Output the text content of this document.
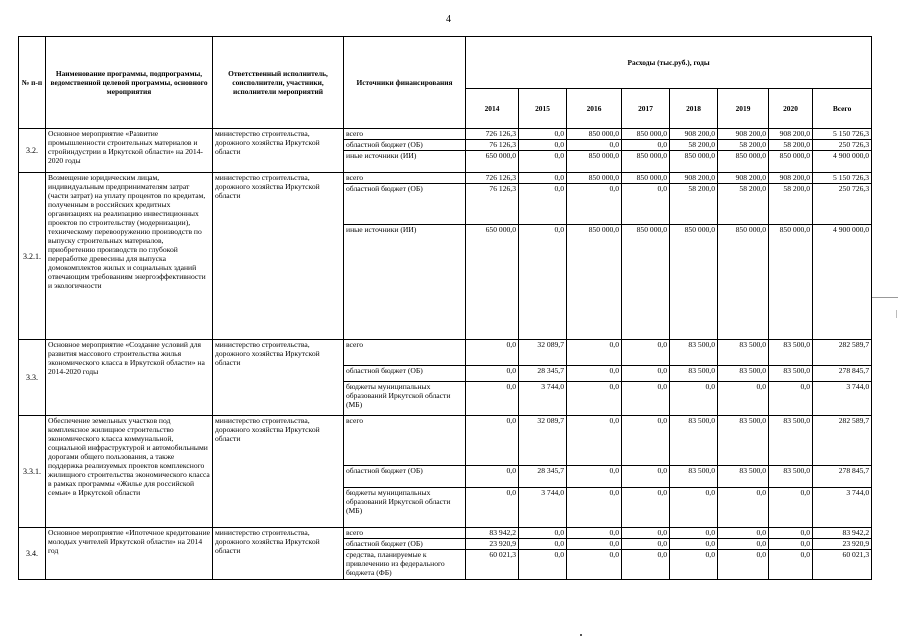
4
№ п-п	Наименование программы, подпрограммы, ведомственной целевой программы, основного мероприятия	Ответственный исполнитель, соисполнители, участники, исполнители мероприятий	Источники финансирования	Расходы (тыс.руб.), годы							
				2014	2015	2016	2017	2018	2019	2020	Всего
3.2.	Основное мероприятие «Развитие промышленности строительных материалов и стройиндустрии в Иркутской области» на 2014-2020 годы	министерство строительства, дорожного хозяйства Иркутской области	всего	726 126,3	0,0	850 000,0	850 000,0	908 200,0	908 200,0	908 200,0	5 150 726,3
			областной бюджет (ОБ)	76 126,3	0,0	0,0	0,0	58 200,0	58 200,0	58 200,0	250 726,3
			иные источники (ИИ)	650 000,0	0,0	850 000,0	850 000,0	850 000,0	850 000,0	850 000,0	4 900 000,0
3.2.1.	Возмещение юридическим лицам, индивидуальным предпринимателям затрат (части затрат) на уплату процентов по кредитам, полученным в российских кредитных организациях на реализацию инвестиционных проектов по строительству (модернизации), техническому перевооружению производств по выпуску строительных материалов, приобретению производств по глубокой переработке древесины для выпуска домокомплектов жилых и социальных зданий отвечающим требованиям энергоэффективности и экологичности	министерство строительства, дорожного хозяйства Иркутской области	всего	726 126,3	0,0	850 000,0	850 000,0	908 200,0	908 200,0	908 200,0	5 150 726,3
			областной бюджет (ОБ)	76 126,3	0,0	0,0	0,0	58 200,0	58 200,0	58 200,0	250 726,3
			иные источники (ИИ)	650 000,0	0,0	850 000,0	850 000,0	850 000,0	850 000,0	850 000,0	4 900 000,0
3.3.	Основное мероприятие «Создание условий для развития массового строительства жилья экономического класса в Иркутской области» на 2014-2020 годы	министерство строительства, дорожного хозяйства Иркутской области	всего	0,0	32 089,7	0,0	0,0	83 500,0	83 500,0	83 500,0	282 589,7
			областной бюджет (ОБ)	0,0	28 345,7	0,0	0,0	83 500,0	83 500,0	83 500,0	278 845,7
			бюджеты муниципальных образований Иркутской области (МБ)	0,0	3 744,0	0,0	0,0	0,0	0,0	0,0	3 744,0
3.3.1.	Обеспечение земельных участков под комплексное жилищное строительство экономического класса коммунальной, социальной инфраструктурой и автомобильными дорогами общего пользования, а также поддержка реализуемых проектов комплексного жилищного строительства экономического класса в рамках программы «Жилье для российской семьи» в Иркутской области	министерство строительства, дорожного хозяйства Иркутской области	всего	0,0	32 089,7	0,0	0,0	83 500,0	83 500,0	83 500,0	282 589,7
			областной бюджет (ОБ)	0,0	28 345,7	0,0	0,0	83 500,0	83 500,0	83 500,0	278 845,7
			бюджеты муниципальных образований Иркутской области (МБ)	0,0	3 744,0	0,0	0,0	0,0	0,0	0,0	3 744,0
3.4.	Основное мероприятие «Ипотечное кредитование молодых учителей Иркутской области» на 2014 год	министерство строительства, дорожного хозяйства Иркутской области	всего	83 942,2	0,0	0,0	0,0	0,0	0,0	0,0	83 942,2
			областной бюджет (ОБ)	23 920,9	0,0	0,0	0,0	0,0	0,0	0,0	23 920,9
			средства, планируемые к привлечению из федерального бюджета (ФБ)	60 021,3	0,0	0,0	0,0	0,0	0,0	0,0	60 021,3
